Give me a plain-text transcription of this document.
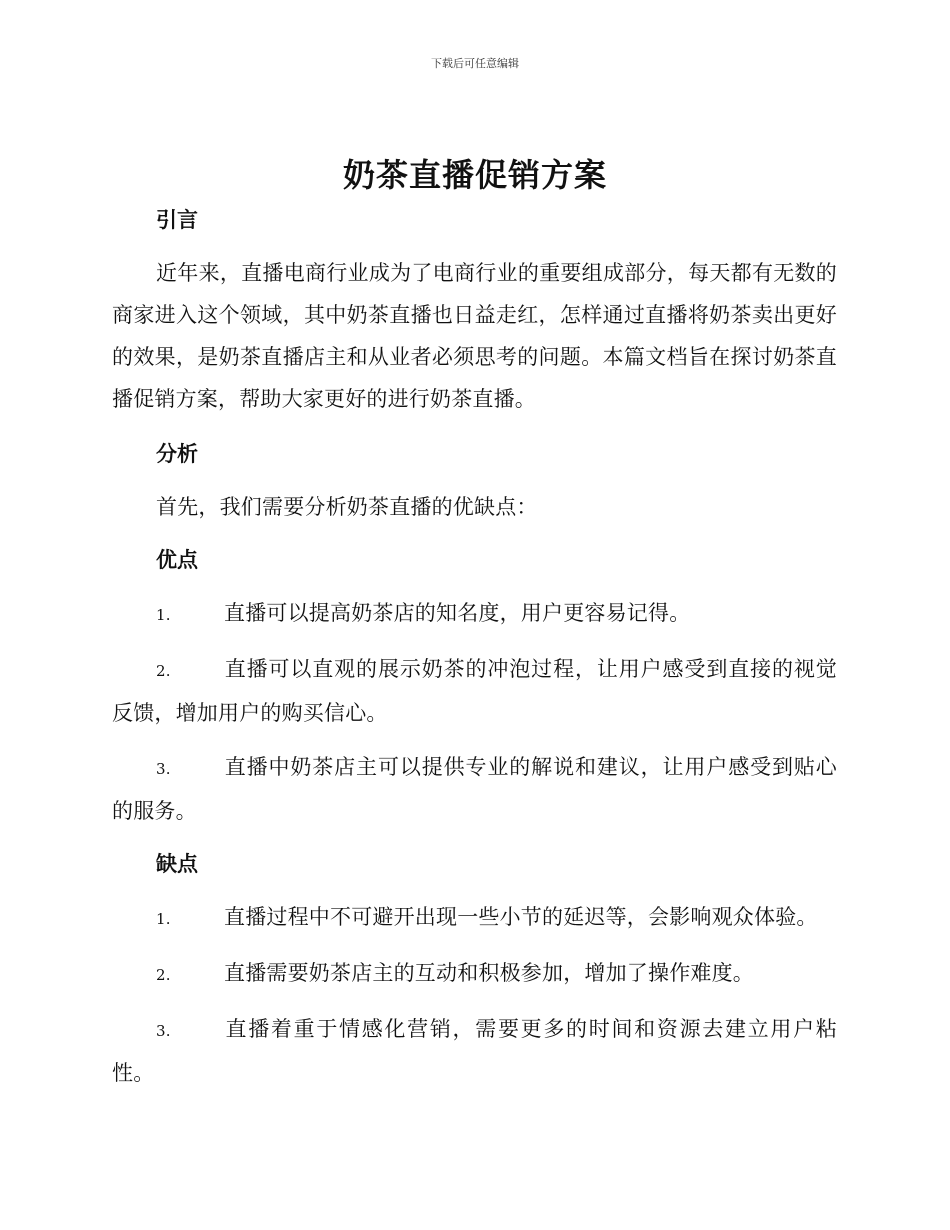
下载后可任意编辑
奶茶直播促销方案

引言

近年来，直播电商行业成为了电商行业的重要组成部分，每天都有无数的商家进入这个领域，其中奶茶直播也日益走红，怎样通过直播将奶茶卖出更好的效果，是奶茶直播店主和从业者必须思考的问题。本篇文档旨在探讨奶茶直播促销方案，帮助大家更好的进行奶茶直播。

分析

首先，我们需要分析奶茶直播的优缺点：

优点

1.	直播可以提高奶茶店的知名度，用户更容易记得。

2.	直播可以直观的展示奶茶的冲泡过程，让用户感受到直接的视觉反馈，增加用户的购买信心。

3.	直播中奶茶店主可以提供专业的解说和建议，让用户感受到贴心的服务。

缺点

1.	直播过程中不可避开出现一些小节的延迟等，会影响观众体验。

2.	直播需要奶茶店主的互动和积极参加，增加了操作难度。

3.	直播着重于情感化营销，需要更多的时间和资源去建立用户粘性。
